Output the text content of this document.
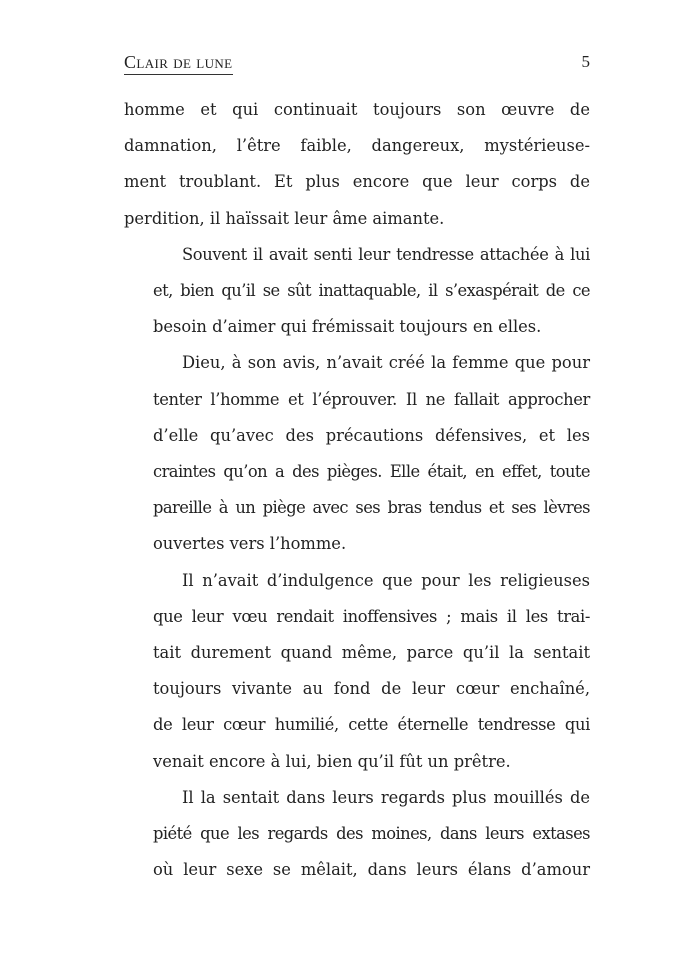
Clair de lune	5
homme et qui continuait toujours son œuvre de
damnation, l’être faible, dangereux, mystérieuse-
ment troublant. Et plus encore que leur corps de
perdition, il haïssait leur âme aimante.
Souvent il avait senti leur tendresse attachée à lui
et, bien qu’il se sût inattaquable, il s’exaspérait de ce
besoin d’aimer qui frémissait toujours en elles.
Dieu, à son avis, n’avait créé la femme que pour
tenter l’homme et l’éprouver. Il ne fallait approcher
d’elle qu’avec des précautions défensives, et les
craintes qu’on a des pièges. Elle était, en effet, toute
pareille à un piège avec ses bras tendus et ses lèvres
ouvertes vers l’homme.
Il n’avait d’indulgence que pour les religieuses
que leur vœu rendait inoffensives ; mais il les trai-
tait durement quand même, parce qu’il la sentait
toujours vivante au fond de leur cœur enchaîné,
de leur cœur humilié, cette éternelle tendresse qui
venait encore à lui, bien qu’il fût un prêtre.
Il la sentait dans leurs regards plus mouillés de
piété que les regards des moines, dans leurs extases
où leur sexe se mêlait, dans leurs élans d’amour
